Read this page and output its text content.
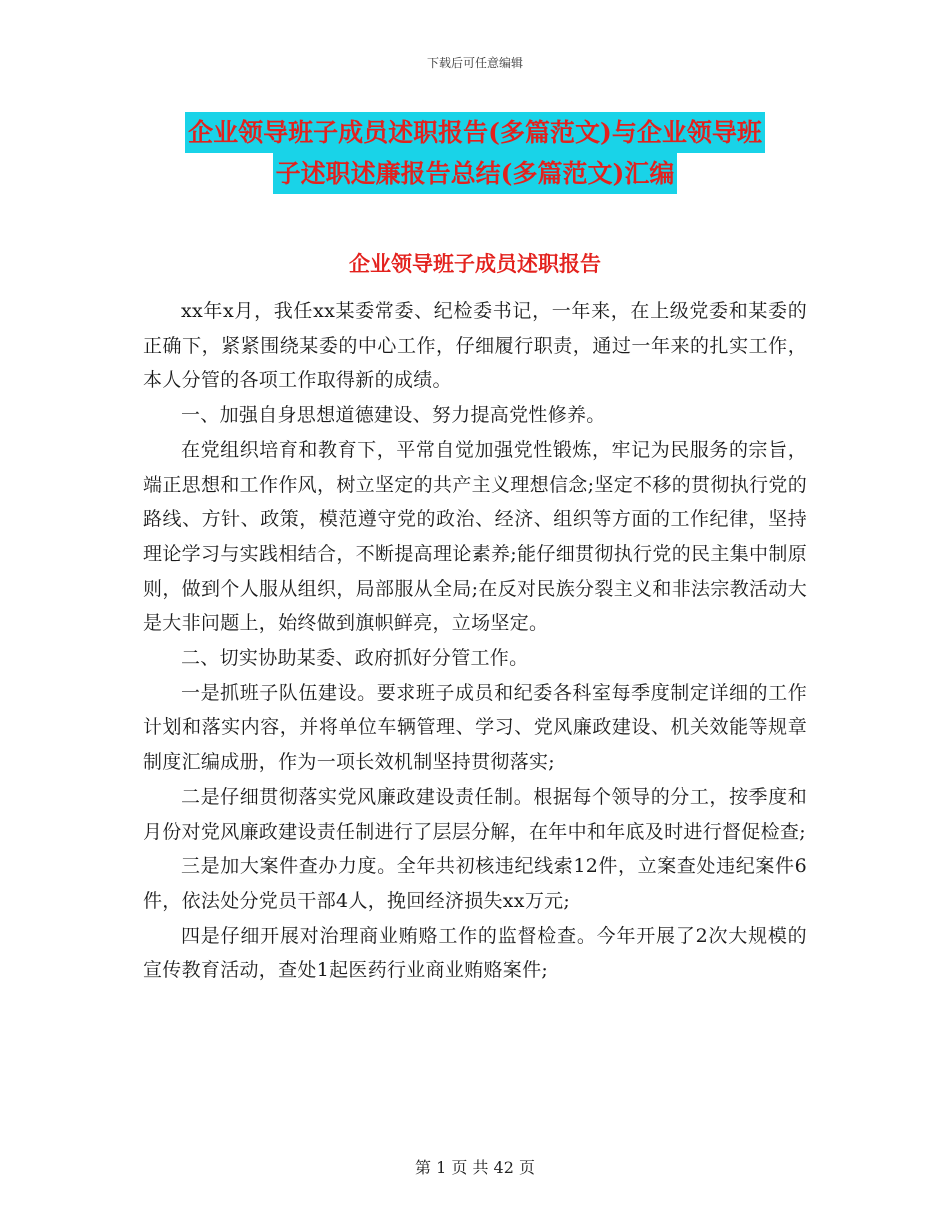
下载后可任意编辑
企业领导班子成员述职报告(多篇范文)与企业领导班
子述职述廉报告总结(多篇范文)汇编
企业领导班子成员述职报告

xx年x月，我任xx某委常委、纪检委书记，一年来，在上级党委和某委的正确下，紧紧围绕某委的中心工作，仔细履行职责，通过一年来的扎实工作，本人分管的各项工作取得新的成绩。

一、加强自身思想道德建设、努力提高党性修养。

在党组织培育和教育下，平常自觉加强党性锻炼，牢记为民服务的宗旨，端正思想和工作作风，树立坚定的共产主义理想信念;坚定不移的贯彻执行党的路线、方针、政策，模范遵守党的政治、经济、组织等方面的工作纪律，坚持理论学习与实践相结合，不断提高理论素养;能仔细贯彻执行党的民主集中制原则，做到个人服从组织，局部服从全局;在反对民族分裂主义和非法宗教活动大是大非问题上，始终做到旗帜鲜亮，立场坚定。

二、切实协助某委、政府抓好分管工作。

一是抓班子队伍建设。要求班子成员和纪委各科室每季度制定详细的工作计划和落实内容，并将单位车辆管理、学习、党风廉政建设、机关效能等规章制度汇编成册，作为一项长效机制坚持贯彻落实;

二是仔细贯彻落实党风廉政建设责任制。根据每个领导的分工，按季度和月份对党风廉政建设责任制进行了层层分解，在年中和年底及时进行督促检查;

三是加大案件查办力度。全年共初核违纪线索12件，立案查处违纪案件6件，依法处分党员干部4人，挽回经济损失xx万元;

四是仔细开展对治理商业贿赂工作的监督检查。今年开展了2次大规模的宣传教育活动，查处1起医药行业商业贿赂案件;

第 1 页 共 42 页
